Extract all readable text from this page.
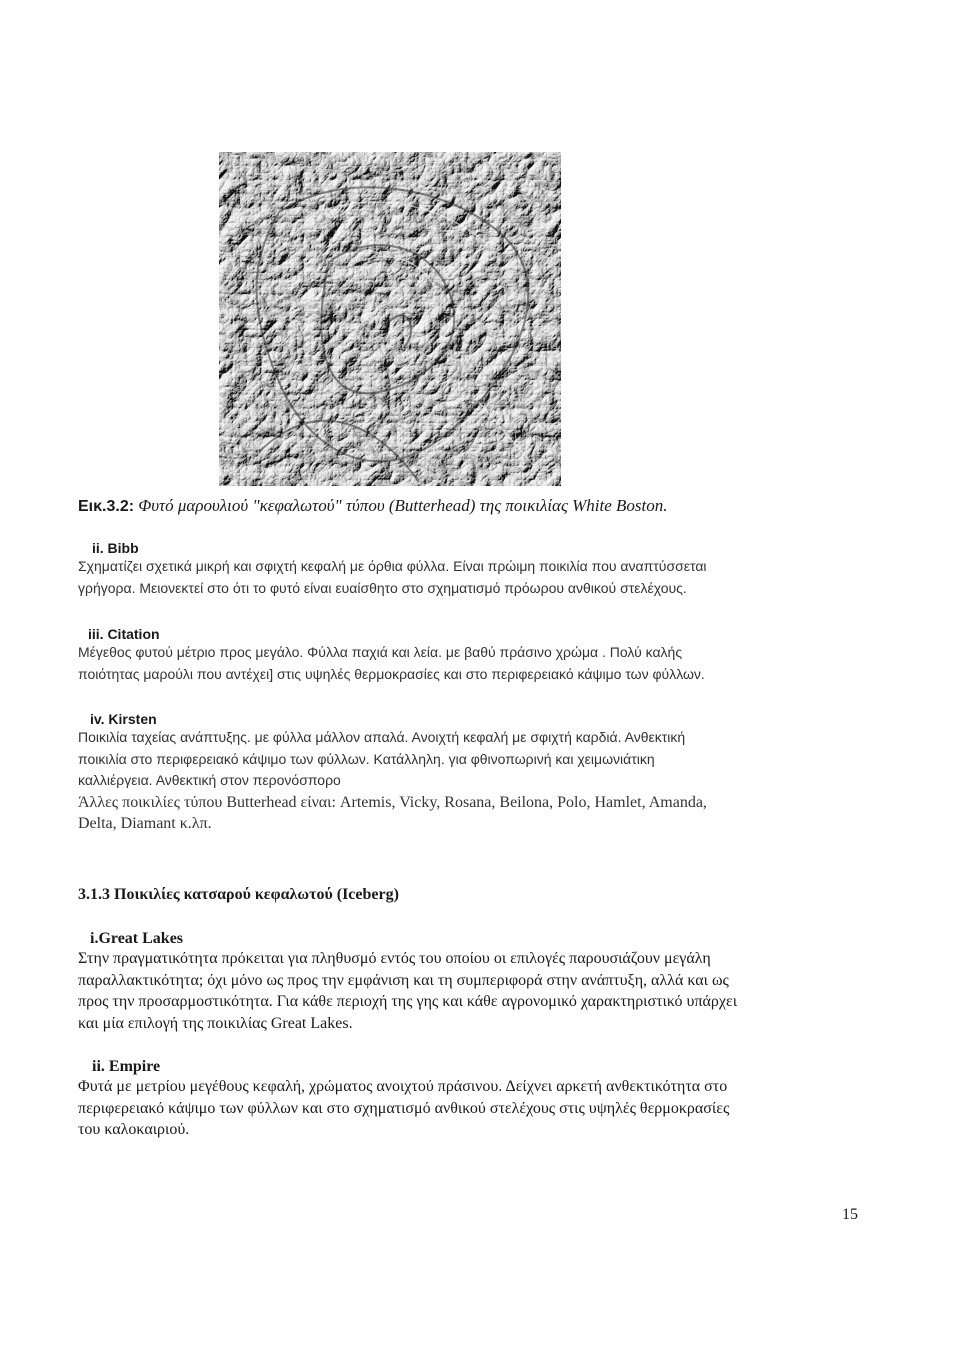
Εικ.3.2: Φυτό μαρουλιού "κεφαλωτού" τύπου (Butterhead) της ποικιλίας White Boston.
ii. Bibb

Σχηματίζει σχετικά μικρή και σφιχτή κεφαλή με όρθια φύλλα. Είναι πρώιμη ποικιλία που αναπτύσσεται

γρήγορα. Μειονεκτεί στο ότι το φυτό είναι ευαίσθητο στο σχηματισμό πρόωρου ανθικού στελέχους.

iii. Citation

Μέγεθος φυτού μέτριο προς μεγάλο. Φύλλα παχιά και λεία. με βαθύ πράσινο χρώμα . Πολύ καλής

ποιότητας μαρούλι που αντέχει] στις υψηλές θερμοκρασίες και στο περιφερειακό κάψιμο των φύλλων.

iv. Kirsten

Ποικιλία ταχείας ανάπτυξης. με φύλλα μάλλον απαλά. Ανοιχτή κεφαλή με σφιχτή καρδιά. Ανθεκτική

ποικιλία στο περιφερειακό κάψιμο των φύλλων. Κατάλληλη. για φθινοπωρινή και χειμωνιάτικη

καλλιέργεια. Ανθεκτική στον περονόσπορο

Άλλες ποικιλίες τύπου Butterhead είναι: Artemis, Vicky, Rosana, Beilona, Polo, Hamlet, Amanda,

Delta, Diamant κ.λπ.

3.1.3 Ποικιλίες κατσαρού κεφαλωτού (Iceberg)
i.Great Lakes

Στην πραγματικότητα πρόκειται για πληθυσμό εντός του οποίου οι επιλογές παρουσιάζουν μεγάλη

παραλλακτικότητα; όχι μόνο ως προς την εμφάνιση και τη συμπεριφορά στην ανάπτυξη, αλλά και ως

προς την προσαρμοστικότητα. Για κάθε περιοχή της γης και κάθε αγρονομικό χαρακτηριστικό υπάρχει

και μία επιλογή της ποικιλίας Great Lakes.

ii. Empire

Φυτά με μετρίου μεγέθους κεφαλή, χρώματος ανοιχτού πράσινου. Δείχνει αρκετή ανθεκτικότητα στο

περιφερειακό κάψιμο των φύλλων και στο σχηματισμό ανθικού στελέχους στις υψηλές θερμοκρασίες

του καλοκαιριού.

15
